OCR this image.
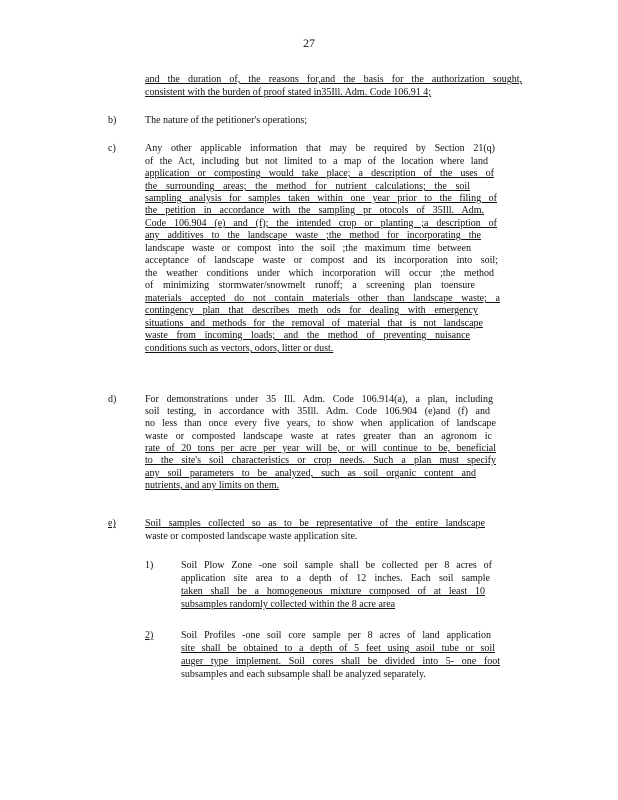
27
and the duration of, the reasons for,and the basis for the authorization sought,
consistent with the burden of proof stated in35Ill. Adm. Code 106.91 4;
The nature of the petitioner's operations;
Any other applicable information that may be required by Section 21(q)
of the Act, including but not limited to a map of the location where land
application or composting would take place; a description of the uses of
the surrounding areas; the method for nutrient calculations; the soil
sampling analysis for samples taken within one year prior to the filing of
the petition in accordance with the sampling pr otocols of 35Ill. Adm.
Code 106.904 (e) and (f); the intended crop or planting ;a description of
any additives to the landscape waste ;the method for incorporating the
landscape waste or compost into the soil ;the maximum time between
acceptance of landscape waste or compost and its incorporation into soil;
the weather conditions under which incorporation will occur ;the method
of minimizing stormwater/snowmelt runoff; a screening plan toensure
materials accepted do not contain materials other than landscape waste; a
contingency plan that describes meth ods for dealing with emergency
situations and methods for the removal of material that is not landscape
waste from incoming loads; and the method of preventing nuisance
conditions such as vectors, odors, litter or dust.
For demonstrations under 35 Ill. Adm. Code 106.914(a), a plan, including
soil testing, in accordance with 35Ill. Adm. Code 106.904 (e)and (f) and
no less than once every five years, to show when application of landscape
waste or composted landscape waste at rates greater than an agronom ic
rate of 20 tons per acre per year will be, or will continue to be, beneficial
to the site's soil characteristics or crop needs. Such a plan must specify
any soil parameters to be analyzed, such as soil organic content and
nutrients, and any limits on them.
Soil samples collected so as to be representative of the entire landscape
waste or composted landscape waste application site.
Soil Plow Zone -one soil sample shall be collected per 8 acres of
application site area to a depth of 12 inches. Each soil sample
taken shall be a homogeneous mixture composed of at least 10
subsamples randomly collected within the 8 acre area
Soil Profiles -one soil core sample per 8 acres of land application
site shall be obtained to a depth of 5 feet using asoil tube or soil
auger type implement. Soil cores shall be divided into 5- one foot
subsamples and each subsample shall be analyzed separately.
b)
c)
d)
e)
1)
2)
